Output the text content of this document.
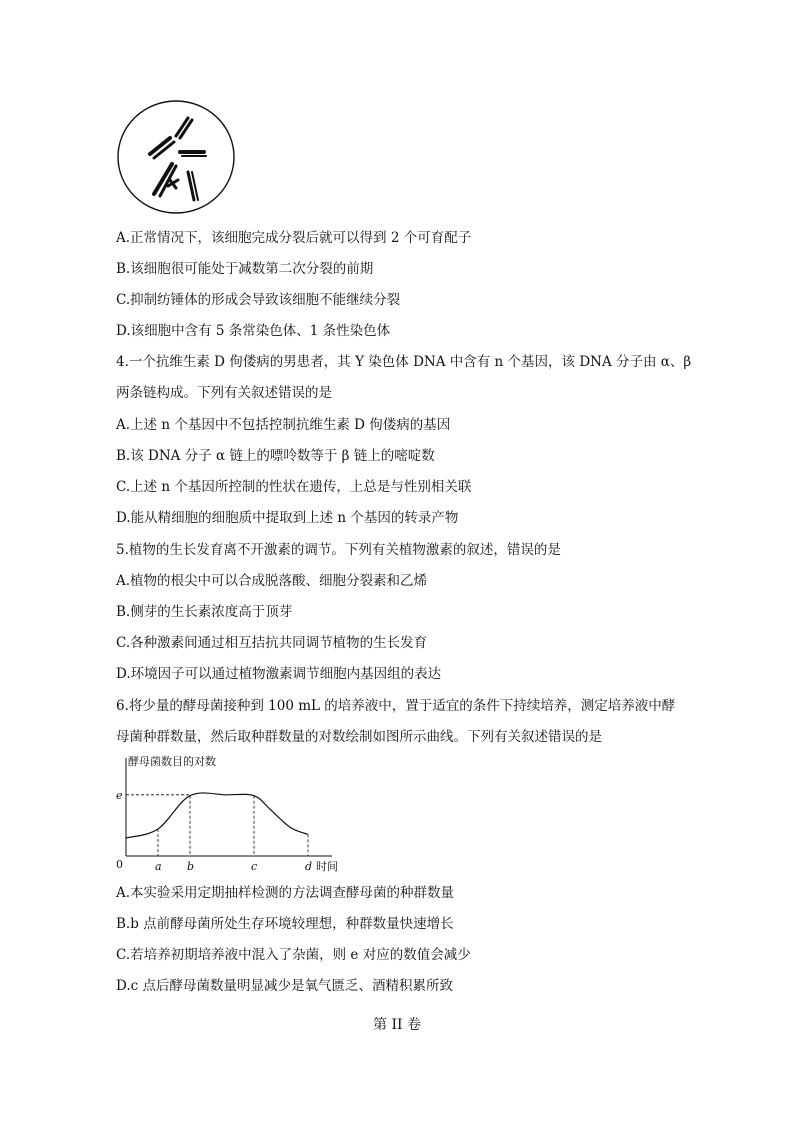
A.正常情况下，该细胞完成分裂后就可以得到 2 个可育配子
B.该细胞很可能处于减数第二次分裂的前期
C.抑制纺锤体的形成会导致该细胞不能继续分裂
D.该细胞中含有 5 条常染色体、1 条性染色体
4.一个抗维生素 D 佝偻病的男患者，其 Y 染色体 DNA 中含有 n 个基因，该 DNA 分子由 α、β
两条链构成。下列有关叙述错误的是
A.上述 n 个基因中不包括控制抗维生素 D 佝偻病的基因
B.该 DNA 分子 α 链上的嘌呤数等于 β 链上的嘧啶数
C.上述 n 个基因所控制的性状在遗传，上总是与性别相关联
D.能从精细胞的细胞质中提取到上述 n 个基因的转录产物
5.植物的生长发育离不开激素的调节。下列有关植物激素的叙述，错误的是
A.植物的根尖中可以合成脱落酸、细胞分裂素和乙烯
B.侧芽的生长素浓度高于顶芽
C.各种激素间通过相互拮抗共同调节植物的生长发育
D.环境因子可以通过植物激素调节细胞内基因组的表达
6.将少量的酵母菌接种到 100 mL 的培养液中，置于适宜的条件下持续培养，测定培养液中酵
母菌种群数量，然后取种群数量的对数绘制如图所示曲线。下列有关叙述错误的是
酵母菌数目的对数
时间
0
e
a b	c	d
A.本实验采用定期抽样检测的方法调查酵母菌的种群数量
B.b 点前酵母菌所处生存环境较理想，种群数量快速增长
C.若培养初期培养液中混入了杂菌，则 e 对应的数值会减少
D.c 点后酵母菌数量明显减少是氧气匮乏、酒精积累所致
第 II 卷
